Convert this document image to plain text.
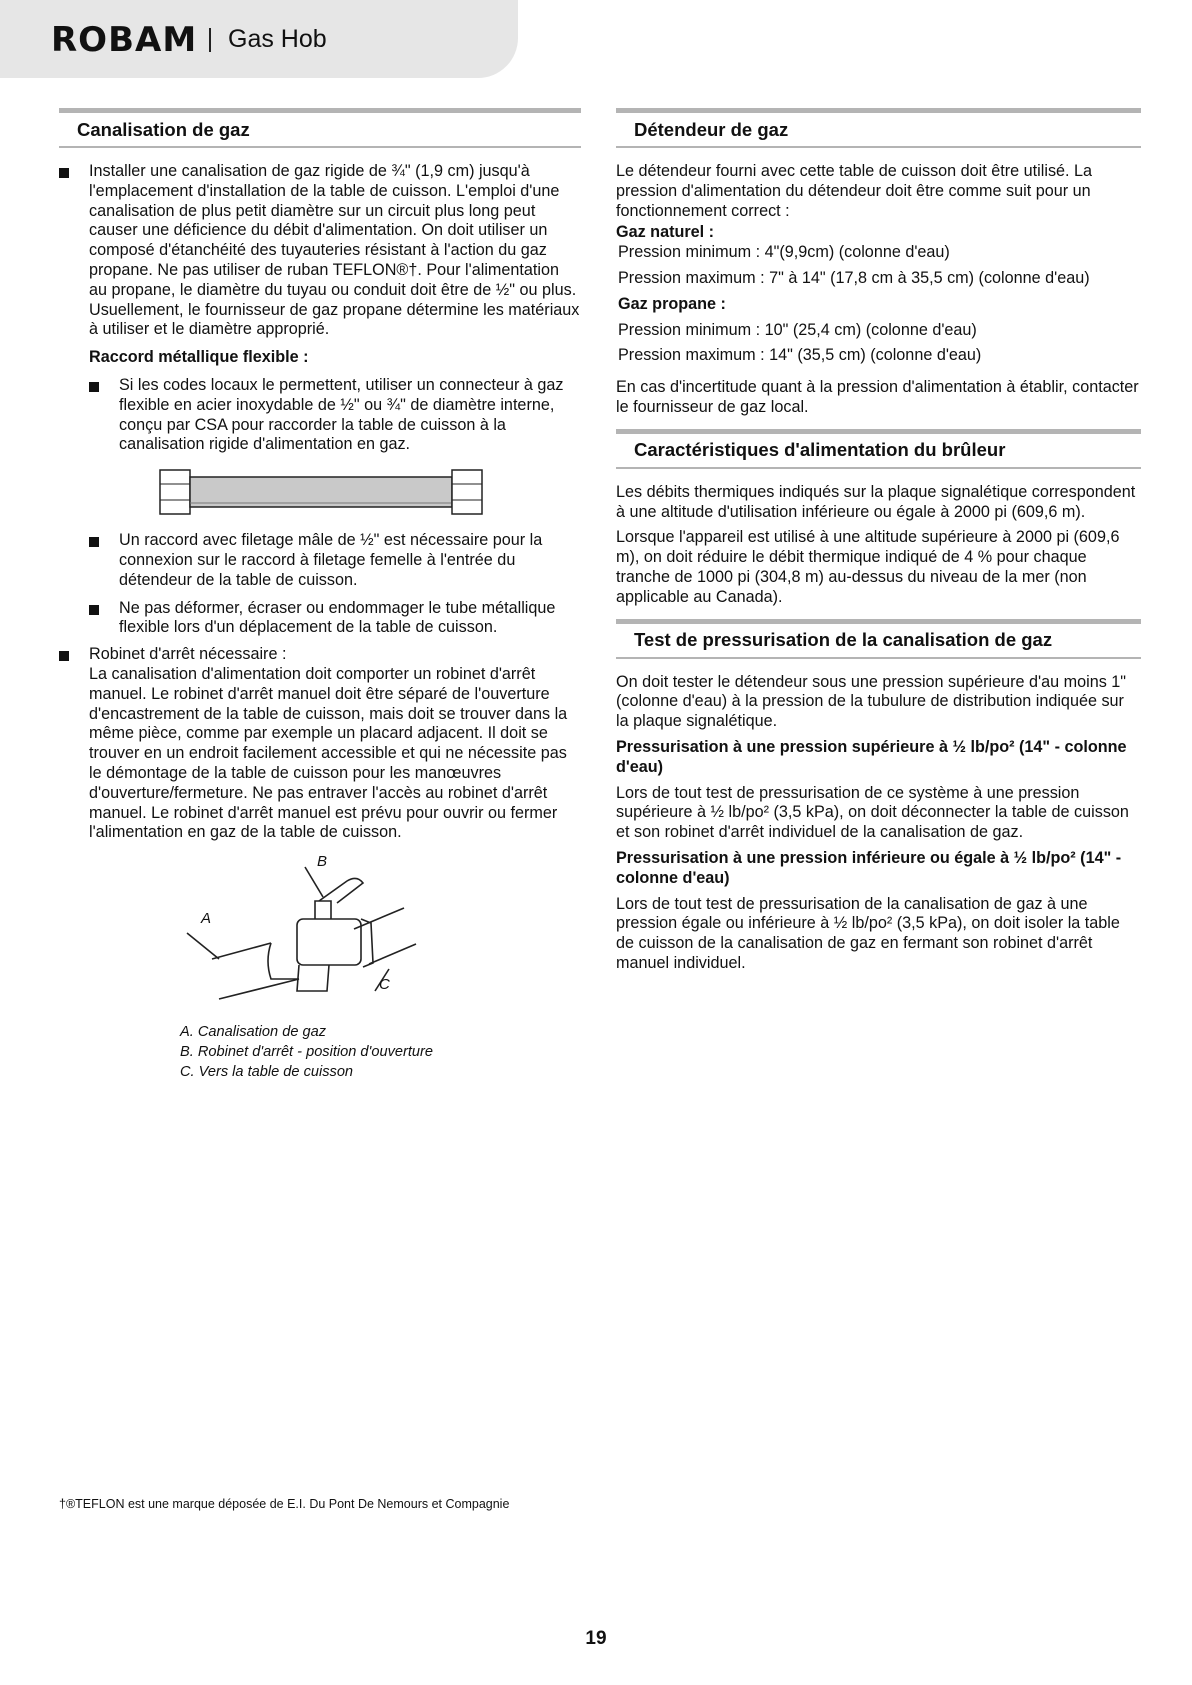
ROBAM Gas Hob
Canalisation de gaz
Installer une canalisation de gaz rigide de ¾" (1,9 cm) jusqu'à l'emplacement d'installation de la table de cuisson. L'emploi d'une canalisation de plus petit diamètre sur un circuit plus long peut causer une déficience du débit d'alimentation. On doit utiliser un composé d'étanchéité des tuyauteries résistant à l'action du gaz propane. Ne pas utiliser de ruban TEFLON®†. Pour l'alimentation au propane, le diamètre du tuyau ou conduit doit être de ½" ou plus. Usuellement, le fournisseur de gaz propane détermine les matériaux à utiliser et le diamètre approprié.

Raccord métallique flexible :

Si les codes locaux le permettent, utiliser un connecteur à gaz flexible en acier inoxydable de ½" ou ¾" de diamètre interne, conçu par CSA pour raccorder la table de cuisson à la canalisation rigide d'alimentation en gaz.
Un raccord avec filetage mâle de ½" est nécessaire pour la connexion sur le raccord à filetage femelle à l'entrée du détendeur de la table de cuisson.
Ne pas déformer, écraser ou endommager le tube métallique flexible lors d'un déplacement de la table de cuisson.
Robinet d'arrêt nécessaire :
La canalisation d'alimentation doit comporter un robinet d'arrêt manuel. Le robinet d'arrêt manuel doit être séparé de l'ouverture d'encastrement de la table de cuisson, mais doit se trouver dans la même pièce, comme par exemple un placard adjacent. Il doit se trouver en un endroit facilement accessible et qui ne nécessite pas le démontage de la table de cuisson pour les manœuvres d'ouverture/fermeture. Ne pas entraver l'accès au robinet d'arrêt manuel. Le robinet d'arrêt manuel est prévu pour ouvrir ou fermer l'alimentation en gaz de la table de cuisson.
A
B
C
A. Canalisation de gaz
B. Robinet d'arrêt - position d'ouverture
C. Vers la table de cuisson
Détendeur de gaz

Le détendeur fourni avec cette table de cuisson doit être utilisé. La pression d'alimentation du détendeur doit être comme suit pour un fonctionnement correct :

Gaz naturel :

Pression minimum : 4"(9,9cm) (colonne d'eau)

Pression maximum : 7" à 14" (17,8 cm à 35,5 cm) (colonne d'eau)

Gaz propane :

Pression minimum : 10" (25,4 cm) (colonne d'eau)

Pression maximum : 14" (35,5 cm) (colonne d'eau)

En cas d'incertitude quant à la pression d'alimentation à établir, contacter le fournisseur de gaz local.

Caractéristiques d'alimentation du brûleur

Les débits thermiques indiqués sur la plaque signalétique correspondent à une altitude d'utilisation inférieure ou égale à 2000 pi (609,6 m).

Lorsque l'appareil est utilisé à une altitude supérieure à 2000 pi (609,6 m), on doit réduire le débit thermique indiqué de 4 % pour chaque tranche de 1000 pi (304,8 m) au-dessus du niveau de la mer (non applicable au Canada).

Test de pressurisation de la canalisation de gaz

On doit tester le détendeur sous une pression supérieure d'au moins 1" (colonne d'eau) à la pression de la tubulure de distribution indiquée sur la plaque signalétique.

Pressurisation à une pression supérieure à ½ lb/po² (14" - colonne d'eau)

Lors de tout test de pressurisation de ce système à une pression supérieure à ½ lb/po² (3,5 kPa), on doit déconnecter la table de cuisson et son robinet d'arrêt individuel de la canalisation de gaz.

Pressurisation à une pression inférieure ou égale à ½ lb/po² (14" - colonne d'eau)

Lors de tout test de pressurisation de la canalisation de gaz à une pression égale ou inférieure à ½ lb/po² (3,5 kPa), on doit isoler la table de cuisson de la canalisation de gaz en fermant son robinet d'arrêt manuel individuel.

†®TEFLON est une marque déposée de E.I. Du Pont De Nemours et Compagnie
19
